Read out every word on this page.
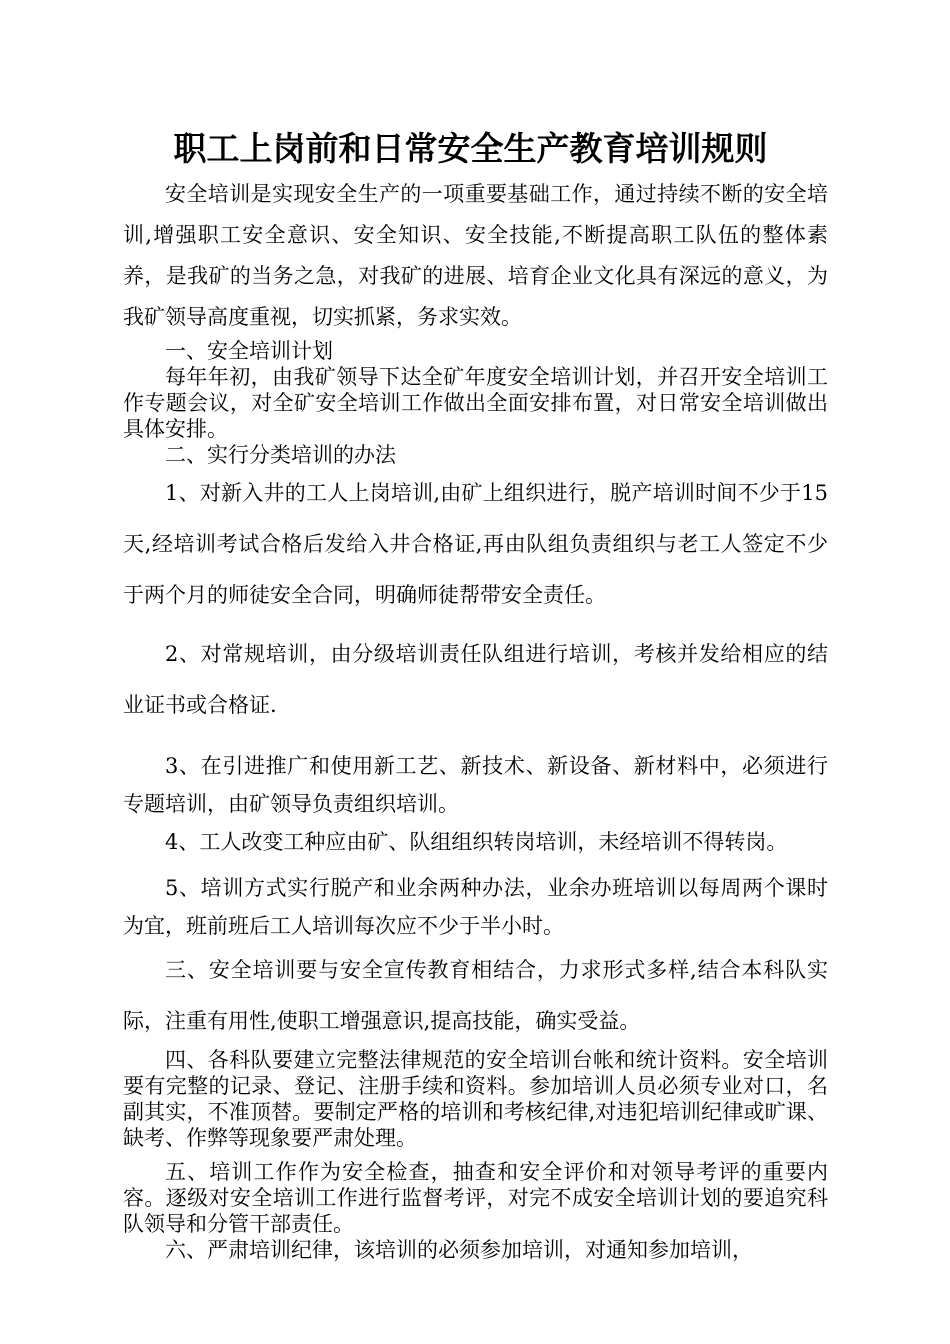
职工上岗前和日常安全生产教育培训规则

安全培训是实现安全生产的一项重要基础工作，通过持续不断的安全培训,增强职工安全意识、安全知识、安全技能,不断提高职工队伍的整体素养，是我矿的当务之急，对我矿的进展、培育企业文化具有深远的意义，为我矿领导高度重视，切实抓紧，务求实效。

一、安全培训计划

每年年初，由我矿领导下达全矿年度安全培训计划，并召开安全培训工作专题会议，对全矿安全培训工作做出全面安排布置，对日常安全培训做出具体安排。

二、实行分类培训的办法

1、对新入井的工人上岗培训,由矿上组织进行，脱产培训时间不少于15天,经培训考试合格后发给入井合格证,再由队组负责组织与老工人签定不少于两个月的师徒安全合同，明确师徒帮带安全责任。

2、对常规培训，由分级培训责任队组进行培训，考核并发给相应的结业证书或合格证.

3、在引进推广和使用新工艺、新技术、新设备、新材料中，必须进行专题培训，由矿领导负责组织培训。

4、工人改变工种应由矿、队组组织转岗培训，未经培训不得转岗。

5、培训方式实行脱产和业余两种办法，业余办班培训以每周两个课时为宜，班前班后工人培训每次应不少于半小时。

三、安全培训要与安全宣传教育相结合，力求形式多样,结合本科队实际，注重有用性,使职工增强意识,提高技能，确实受益。

四、各科队要建立完整法律规范的安全培训台帐和统计资料。安全培训要有完整的记录、登记、注册手续和资料。参加培训人员必须专业对口，名副其实，不准顶替。要制定严格的培训和考核纪律,对违犯培训纪律或旷课、缺考、作弊等现象要严肃处理。

五、培训工作作为安全检查，抽查和安全评价和对领导考评的重要内容。逐级对安全培训工作进行监督考评，对完不成安全培训计划的要追究科队领导和分管干部责任。

六、严肃培训纪律，该培训的必须参加培训，对通知参加培训，
